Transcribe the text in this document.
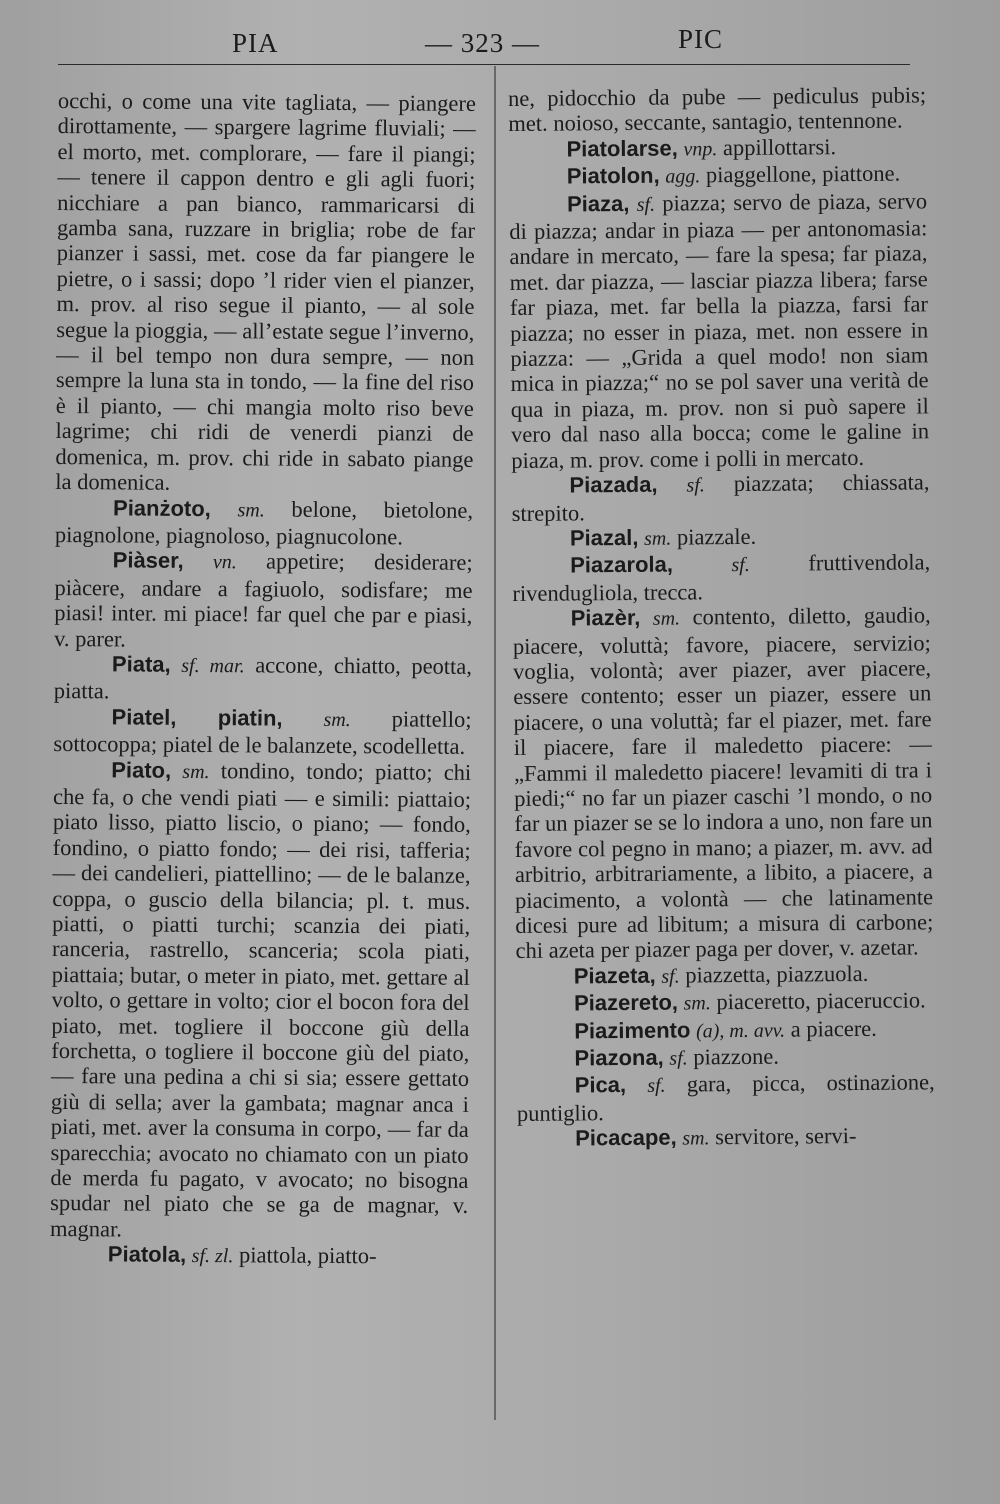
PIA	— 323 —	PIC

occhi, o come una vite tagliata, — piangere dirottamente, — spargere lagrime fluviali; — el morto, met. complorare, — fare il piangi; — tenere il cappon dentro e gli agli fuori; nicchiare a pan bianco, rammaricarsi di gamba sana, ruzzare in briglia; robe de far pianzer i sassi, met. cose da far piangere le pietre, o i sassi; dopo ’l rider vien el pianzer, m. prov. al riso segue il pianto, — al sole segue la pioggia, — all’estate segue l’inverno, — il bel tempo non dura sempre, — non sempre la luna sta in tondo, — la fine del riso è il pianto, — chi mangia molto riso beve lagrime; chi ridi de venerdi pianzi de domenica, m. prov. chi ride in sabato piange la domenica.

Pianżoto, sm. belone, bietolone, piagnolone, piagnoloso, piagnucolone.

Piàser, vn. appetire; desiderare; piàcere, andare a fagiuolo, sodisfare; me piasi! inter. mi piace! far quel che par e piasi, v. parer.

Piata, sf. mar. accone, chiatto, peotta, piatta.

Piatel, piatin, sm. piattello; sottocoppa; piatel de le balanzete, scodelletta.

Piato, sm. tondino, tondo; piatto; chi che fa, o che vendi piati — e simili: piattaio; piato lisso, piatto liscio, o piano; — fondo, fondino, o piatto fondo; — dei risi, tafferia; — dei candelieri, piattellino; — de le balanze, coppa, o guscio della bilancia; pl. t. mus. piatti, o piatti turchi; scanzia dei piati, ranceria, rastrello, scanceria; scola piati, piattaia; butar, o meter in piato, met. gettare al volto, o gettare in volto; cior el bocon fora del piato, met. togliere il boccone giù della forchetta, o togliere il boccone giù del piato, — fare una pedina a chi si sia; essere gettato giù di sella; aver la gambata; magnar anca i piati, met. aver la consuma in corpo, — far da sparecchia; avocato no chiamato con un piato de merda fu pagato, v avocato; no bisogna spudar nel piato che se ga de magnar, v. magnar.

Piatola, sf. zl. piattola, piatto-

ne, pidocchio da pube — pediculus pubis; met. noioso, seccante, santagio, tentennone.

Piatolarse, vnp. appillottarsi.

Piatolon, agg. piaggellone, piattone.

Piaza, sf. piazza; servo de piaza, servo di piazza; andar in piaza — per antonomasia: andare in mercato, — fare la spesa; far piaza, met. dar piazza, — lasciar piazza libera; farse far piaza, met. far bella la piazza, farsi far piazza; no esser in piaza, met. non essere in piazza: — „Grida a quel modo! non siam mica in piazza;“ no se pol saver una verità de qua in piaza, m. prov. non si può sapere il vero dal naso alla bocca; come le galine in piaza, m. prov. come i polli in mercato.

Piazada, sf. piazzata; chiassata, strepito.

Piazal, sm. piazzale.

Piazarola,	sf.	fruttivendola, rivendugliola, trecca.

Piazèr, sm. contento, diletto, gaudio, piacere, voluttà; favore, piacere, servizio; voglia, volontà; aver piazer, aver piacere, essere contento; esser un piazer, essere un piacere, o una voluttà; far el piazer, met. fare il piacere, fare il maledetto piacere: — „Fammi il maledetto piacere! levamiti di tra i piedi;“ no far un piazer caschi ’l mondo, o no far un piazer se se lo indora a uno, non fare un favore col pegno in mano; a piazer, m. avv. ad arbitrio, arbitrariamente, a libito, a piacere, a piacimento, a volontà — che latinamente dicesi pure ad libitum; a misura di carbone; chi azeta per piazer paga per dover, v. azetar.

Piazeta, sf. piazzetta, piazzuola.

Piazereto, sm. piaceretto, piaceruccio.

Piazimento (a), m. avv. a piacere.

Piazona, sf. piazzone.

Pica, sf. gara, picca, ostinazione, puntiglio.

Picacape, sm. servitore, servi-
